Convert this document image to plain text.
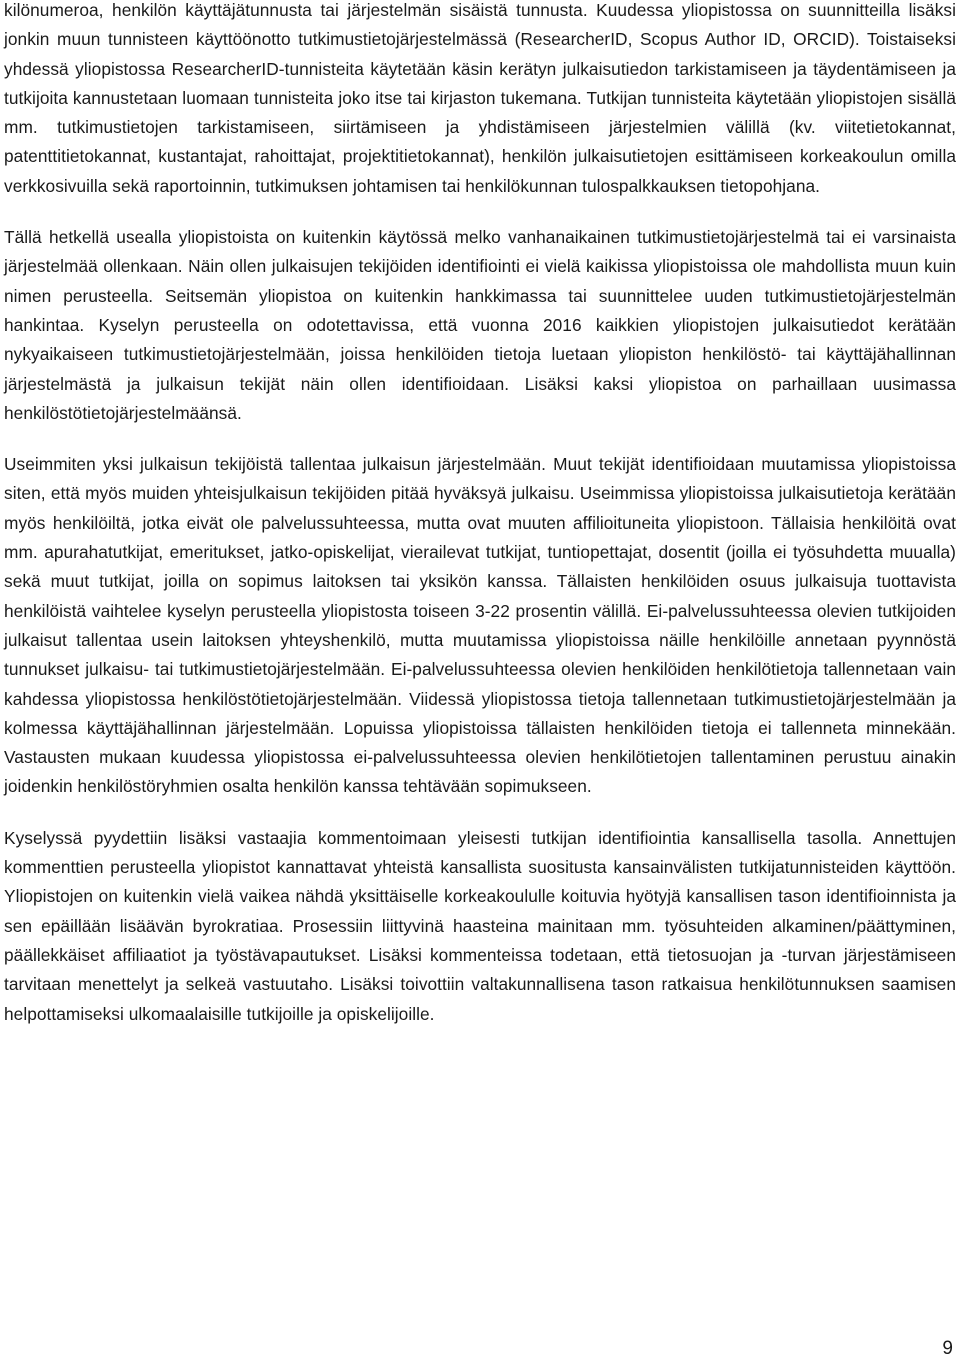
kilönumeroa, henkilön käyttäjätunnusta tai järjestelmän sisäistä tunnusta. Kuudessa yliopistossa on suunnitteilla lisäksi jonkin muun tunnisteen käyttöönotto tutkimustietojärjestelmässä (ResearcherID, Scopus Author ID, ORCID). Toistaiseksi yhdessä yliopistossa ResearcherID-tunnisteita käytetään käsin kerätyn julkaisutiedon tarkistamiseen ja täydentämiseen ja tutkijoita kannustetaan luomaan tunnisteita joko itse tai kirjaston tukemana. Tutkijan tunnisteita käytetään yliopistojen sisällä mm. tutkimustietojen tarkistamiseen, siirtämiseen ja yhdistämiseen järjestelmien välillä (kv. viitetietokannat, patenttitietokannat, kustantajat, rahoittajat, projektitietokannat), henkilön julkaisutietojen esittämiseen korkeakoulun omilla verkkosivuilla sekä raportoinnin, tutkimuksen johtamisen tai henkilökunnan tulospalkkauksen tietopohjana.

Tällä hetkellä usealla yliopistoista on kuitenkin käytössä melko vanhanaikainen tutkimustietojärjestelmä tai ei varsinaista järjestelmää ollenkaan. Näin ollen julkaisujen tekijöiden identifiointi ei vielä kaikissa yliopistoissa ole mahdollista muun kuin nimen perusteella. Seitsemän yliopistoa on kuitenkin hankkimassa tai suunnittelee uuden tutkimustietojärjestelmän hankintaa. Kyselyn perusteella on odotettavissa, että vuonna 2016 kaikkien yliopistojen julkaisutiedot kerätään nykyaikaiseen tutkimustietojärjestelmään, joissa henkilöiden tietoja luetaan yliopiston henkilöstö- tai käyttäjähallinnan järjestelmästä ja julkaisun tekijät näin ollen identifioidaan. Lisäksi kaksi yliopistoa on parhaillaan uusimassa henkilöstötietojärjestelmäänsä.

Useimmiten yksi julkaisun tekijöistä tallentaa julkaisun järjestelmään. Muut tekijät identifioidaan muutamissa yliopistoissa siten, että myös muiden yhteisjulkaisun tekijöiden pitää hyväksyä julkaisu. Useimmissa yliopistoissa julkaisutietoja kerätään myös henkilöiltä, jotka eivät ole palvelussuhteessa, mutta ovat muuten affilioituneita yliopistoon. Tällaisia henkilöitä ovat mm. apurahatutkijat, emeritukset, jatko-opiskelijat, vierailevat tutkijat, tuntiopettajat, dosentit (joilla ei työsuhdetta muualla) sekä muut tutkijat, joilla on sopimus laitoksen tai yksikön kanssa. Tällaisten henkilöiden osuus julkaisuja tuottavista henkilöistä vaihtelee kyselyn perusteella yliopistosta toiseen 3-22 prosentin välillä. Ei-palvelussuhteessa olevien tutkijoiden julkaisut tallentaa usein laitoksen yhteyshenkilö, mutta muutamissa yliopistoissa näille henkilöille annetaan pyynnöstä tunnukset julkaisu- tai tutkimustietojärjestelmään. Ei-palvelussuhteessa olevien henkilöiden henkilötietoja tallennetaan vain kahdessa yliopistossa henkilöstötietojärjestelmään. Viidessä yliopistossa tietoja tallennetaan tutkimustietojärjestelmään ja kolmessa käyttäjähallinnan järjestelmään. Lopuissa yliopistoissa tällaisten henkilöiden tietoja ei tallenneta minnekään. Vastausten mukaan kuudessa yliopistossa ei-palvelussuhteessa olevien henkilötietojen tallentaminen perustuu ainakin joidenkin henkilöstöryhmien osalta henkilön kanssa tehtävään sopimukseen.

Kyselyssä pyydettiin lisäksi vastaajia kommentoimaan yleisesti tutkijan identifiointia kansallisella tasolla. Annettujen kommenttien perusteella yliopistot kannattavat yhteistä kansallista suositusta kansainvälisten tutkijatunnisteiden käyttöön. Yliopistojen on kuitenkin vielä vaikea nähdä yksittäiselle korkeakoululle koituvia hyötyjä kansallisen tason identifioinnista ja sen epäillään lisäävän byrokratiaa. Prosessiin liittyvinä haasteina mainitaan mm. työsuhteiden alkaminen/päättyminen, päällekkäiset affiliaatiot ja työstävapautukset. Lisäksi kommenteissa todetaan, että tietosuojan ja -turvan järjestämiseen tarvitaan menettelyt ja selkeä vastuutaho. Lisäksi toivottiin valtakunnallisena tason ratkaisua henkilötunnuksen saamisen helpottamiseksi ulkomaalaisille tutkijoille ja opiskelijoille.

9
